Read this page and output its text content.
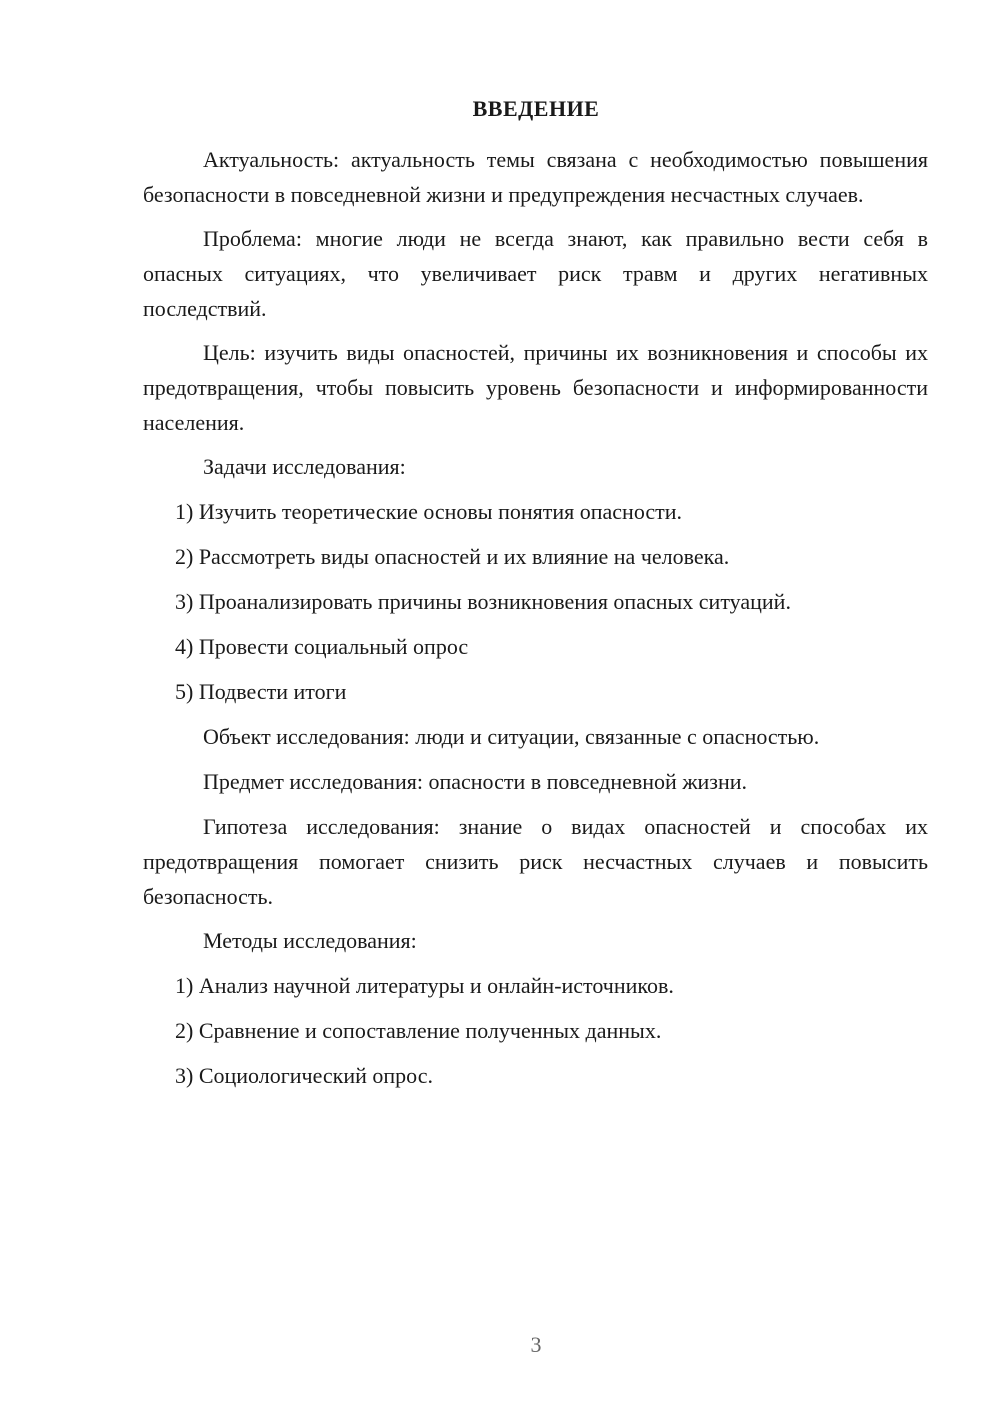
ВВЕДЕНИЕ

Актуальность: актуальность темы связана с необходимостью повышения безопасности в повседневной жизни и предупреждения несчастных случаев.

Проблема: многие люди не всегда знают, как правильно вести себя в опасных ситуациях, что увеличивает риск травм и других негативных последствий.

Цель: изучить виды опасностей, причины их возникновения и способы их предотвращения, чтобы повысить уровень безопасности и информированности населения.

Задачи исследования:

1) Изучить теоретические основы понятия опасности.

2) Рассмотреть виды опасностей и их влияние на человека.

3) Проанализировать причины возникновения опасных ситуаций.

4) Провести социальный опрос

5) Подвести итоги

Объект исследования: люди и ситуации, связанные с опасностью.

Предмет исследования: опасности в повседневной жизни.

Гипотеза исследования: знание о видах опасностей и способах их предотвращения помогает снизить риск несчастных случаев и повысить безопасность.

Методы исследования:

1) Анализ научной литературы и онлайн-источников.

2) Сравнение и сопоставление полученных данных.

3) Социологический опрос.

3
